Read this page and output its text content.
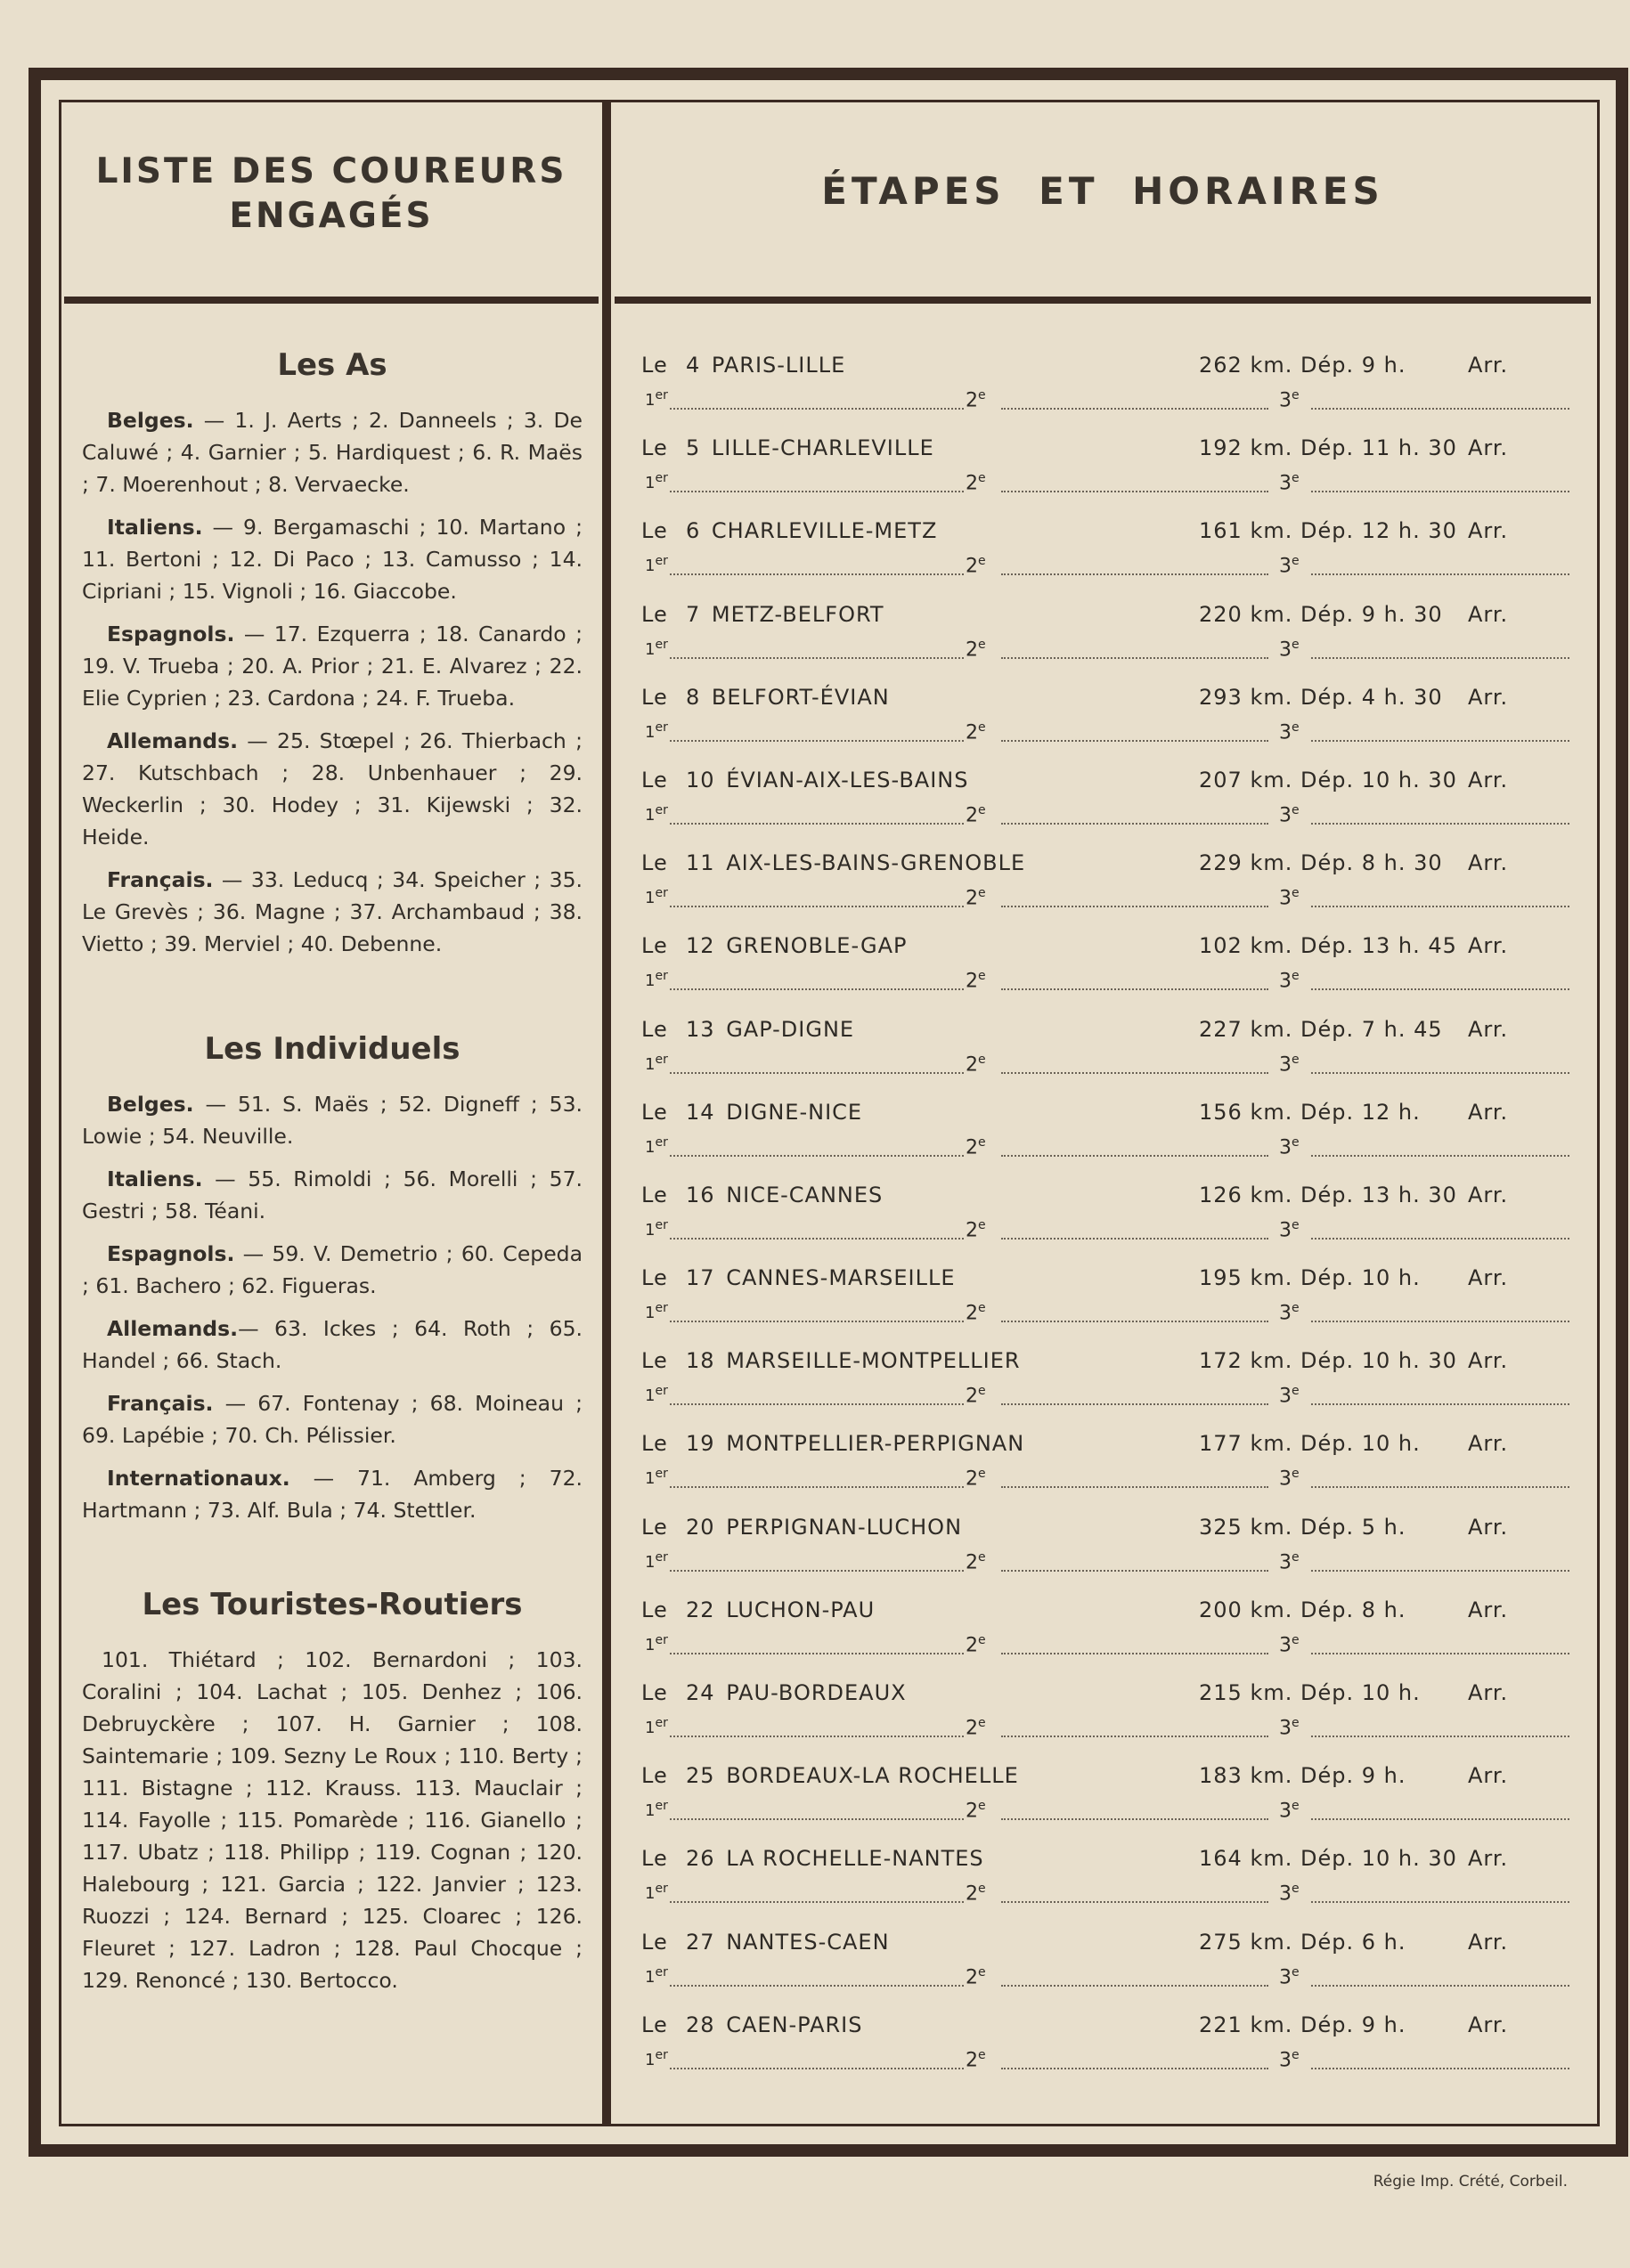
LISTE DES COUREURS
ENGAGÉS
ÉTAPES ET HORAIRES
Les As

Belges. — 1. J. Aerts ; 2. Danneels ; 3. De Caluwé ; 4. Garnier ; 5. Hardiquest ; 6. R. Maës ; 7. Moerenhout ; 8. Vervaecke.

Italiens. — 9. Bergamaschi ; 10. Martano ; 11. Bertoni ; 12. Di Paco ; 13. Camusso ; 14. Cipriani ; 15. Vignoli ; 16. Giaccobe.

Espagnols. — 17. Ezquerra ; 18. Canardo ; 19. V. Trueba ; 20. A. Prior ; 21. E. Alvarez ; 22. Elie Cyprien ; 23. Cardona ; 24. F. Trueba.

Allemands. — 25. Stœpel ; 26. Thierbach ; 27. Kutschbach ; 28. Unbenhauer ; 29. Weckerlin ; 30. Hodey ; 31. Kijewski ; 32. Heide.

Français. — 33. Leducq ; 34. Speicher ; 35. Le Grevès ; 36. Magne ; 37. Archambaud ; 38. Vietto ; 39. Merviel ; 40. Debenne.

Les Individuels

Belges. — 51. S. Maës ; 52. Digneff ; 53. Lowie ; 54. Neuville.

Italiens. — 55. Rimoldi ; 56. Morelli ; 57. Gestri ; 58. Téani.

Espagnols. — 59. V. Demetrio ; 60. Cepeda ; 61. Bachero ; 62. Figueras.

Allemands.— 63. Ickes ; 64. Roth ; 65. Handel ; 66. Stach.

Français. — 67. Fontenay ; 68. Moineau ; 69. Lapébie ; 70. Ch. Pélissier.

Internationaux. — 71. Amberg ; 72. Hartmann ; 73. Alf. Bula ; 74. Stettler.

Les Touristes-Routiers

101. Thiétard ; 102. Bernardoni ; 103. Coralini ; 104. Lachat ; 105. Denhez ; 106. Debruyckère ; 107. H. Garnier ; 108. Saintemarie ; 109. Sezny Le Roux ; 110. Berty ; 111. Bistagne ; 112. Krauss. 113. Mauclair ; 114. Fayolle ; 115. Pomarède ; 116. Gianello ; 117. Ubatz ; 118. Philipp ; 119. Cognan ; 120. Halebourg ; 121. Garcia ; 122. Janvier ; 123. Ruozzi ; 124. Bernard ; 125. Cloarec ; 126. Fleuret ; 127. Ladron ; 128. Paul Chocque ; 129. Renoncé ; 130. Bertocco.

Le 4 PARIS-LILLE	262 km. Dép. 9 h.	Arr.
1er	2e	3e
Le 5 LILLE-CHARLEVILLE	192 km. Dép. 11 h. 30 Arr.
1er	2e	3e
Le 6 CHARLEVILLE-METZ	161 km. Dép. 12 h. 30 Arr.
1er	2e	3e
Le 7 METZ-BELFORT	220 km. Dép. 9 h. 30 Arr.
1er	2e	3e
Le 8 BELFORT-ÉVIAN	293 km. Dép. 4 h. 30 Arr.
1er	2e	3e
Le 10 ÉVIAN-AIX-LES-BAINS	207 km. Dép. 10 h. 30 Arr.
1er	2e	3e
Le 11 AIX-LES-BAINS-GRENOBLE	229 km. Dép. 8 h. 30 Arr.
1er	2e	3e
Le 12 GRENOBLE-GAP	102 km. Dép. 13 h. 45 Arr.
1er	2e	3e
Le 13 GAP-DIGNE	227 km. Dép. 7 h. 45 Arr.
1er	2e	3e
Le 14 DIGNE-NICE	156 km. Dép. 12 h. Arr.
1er	2e	3e
Le 16 NICE-CANNES	126 km. Dép. 13 h. 30 Arr.
1er	2e	3e
Le 17 CANNES-MARSEILLE	195 km. Dép. 10 h. Arr.
1er	2e	3e
Le 18 MARSEILLE-MONTPELLIER	172 km. Dép. 10 h. 30 Arr.
1er	2e	3e
Le 19 MONTPELLIER-PERPIGNAN	177 km. Dép. 10 h. Arr.
1er	2e	3e
Le 20 PERPIGNAN-LUCHON	325 km. Dép. 5 h.	Arr.
1er	2e	3e
Le 22 LUCHON-PAU	200 km. Dép. 8 h.	Arr.
1er	2e	3e
Le 24 PAU-BORDEAUX	215 km. Dép. 10 h. Arr.
1er	2e	3e
Le 25 BORDEAUX-LA ROCHELLE	183 km. Dép. 9 h.	Arr.
1er	2e	3e
Le 26 LA ROCHELLE-NANTES	164 km. Dép. 10 h. 30 Arr.
1er	2e	3e
Le 27 NANTES-CAEN	275 km. Dép. 6 h.	Arr.
1er	2e	3e
Le 28 CAEN-PARIS	221 km. Dép. 9 h.	Arr.
1er	2e	3e
Régie Imp. Crété, Corbeil.
